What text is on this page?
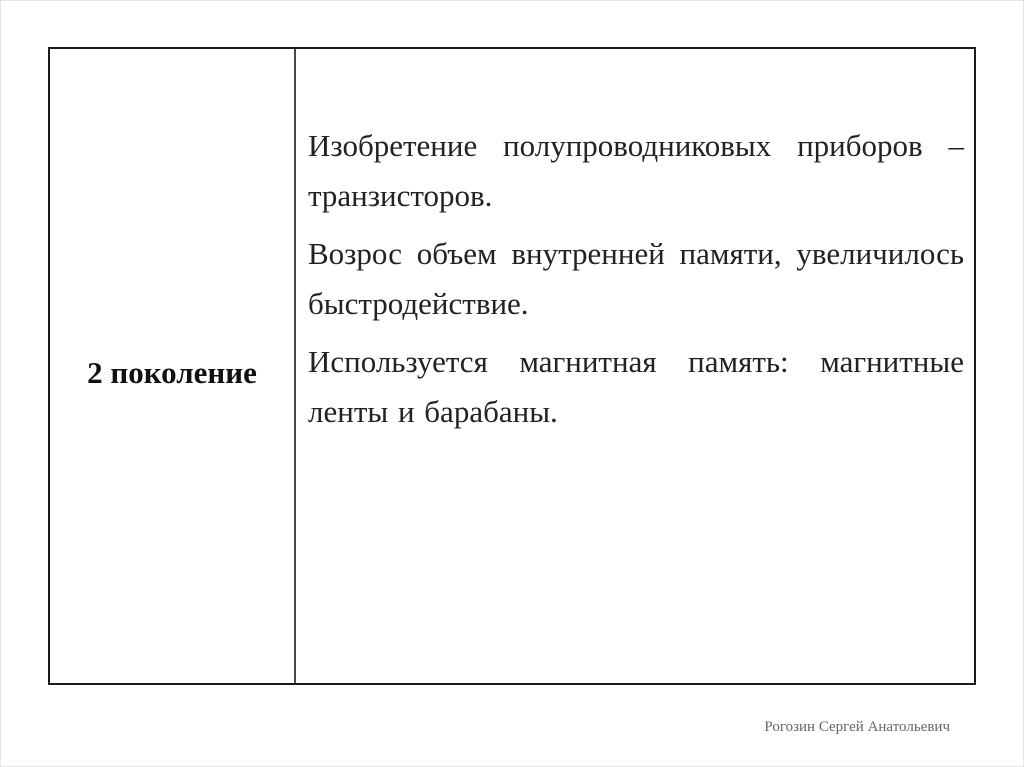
2 поколение

Изобретение полупроводниковых приборов – транзисторов.

Возрос объем внутренней памяти, увеличилось быстродействие.

Используется магнитная память: магнитные ленты и барабаны.

Рогозин Сергей Анатольевич
